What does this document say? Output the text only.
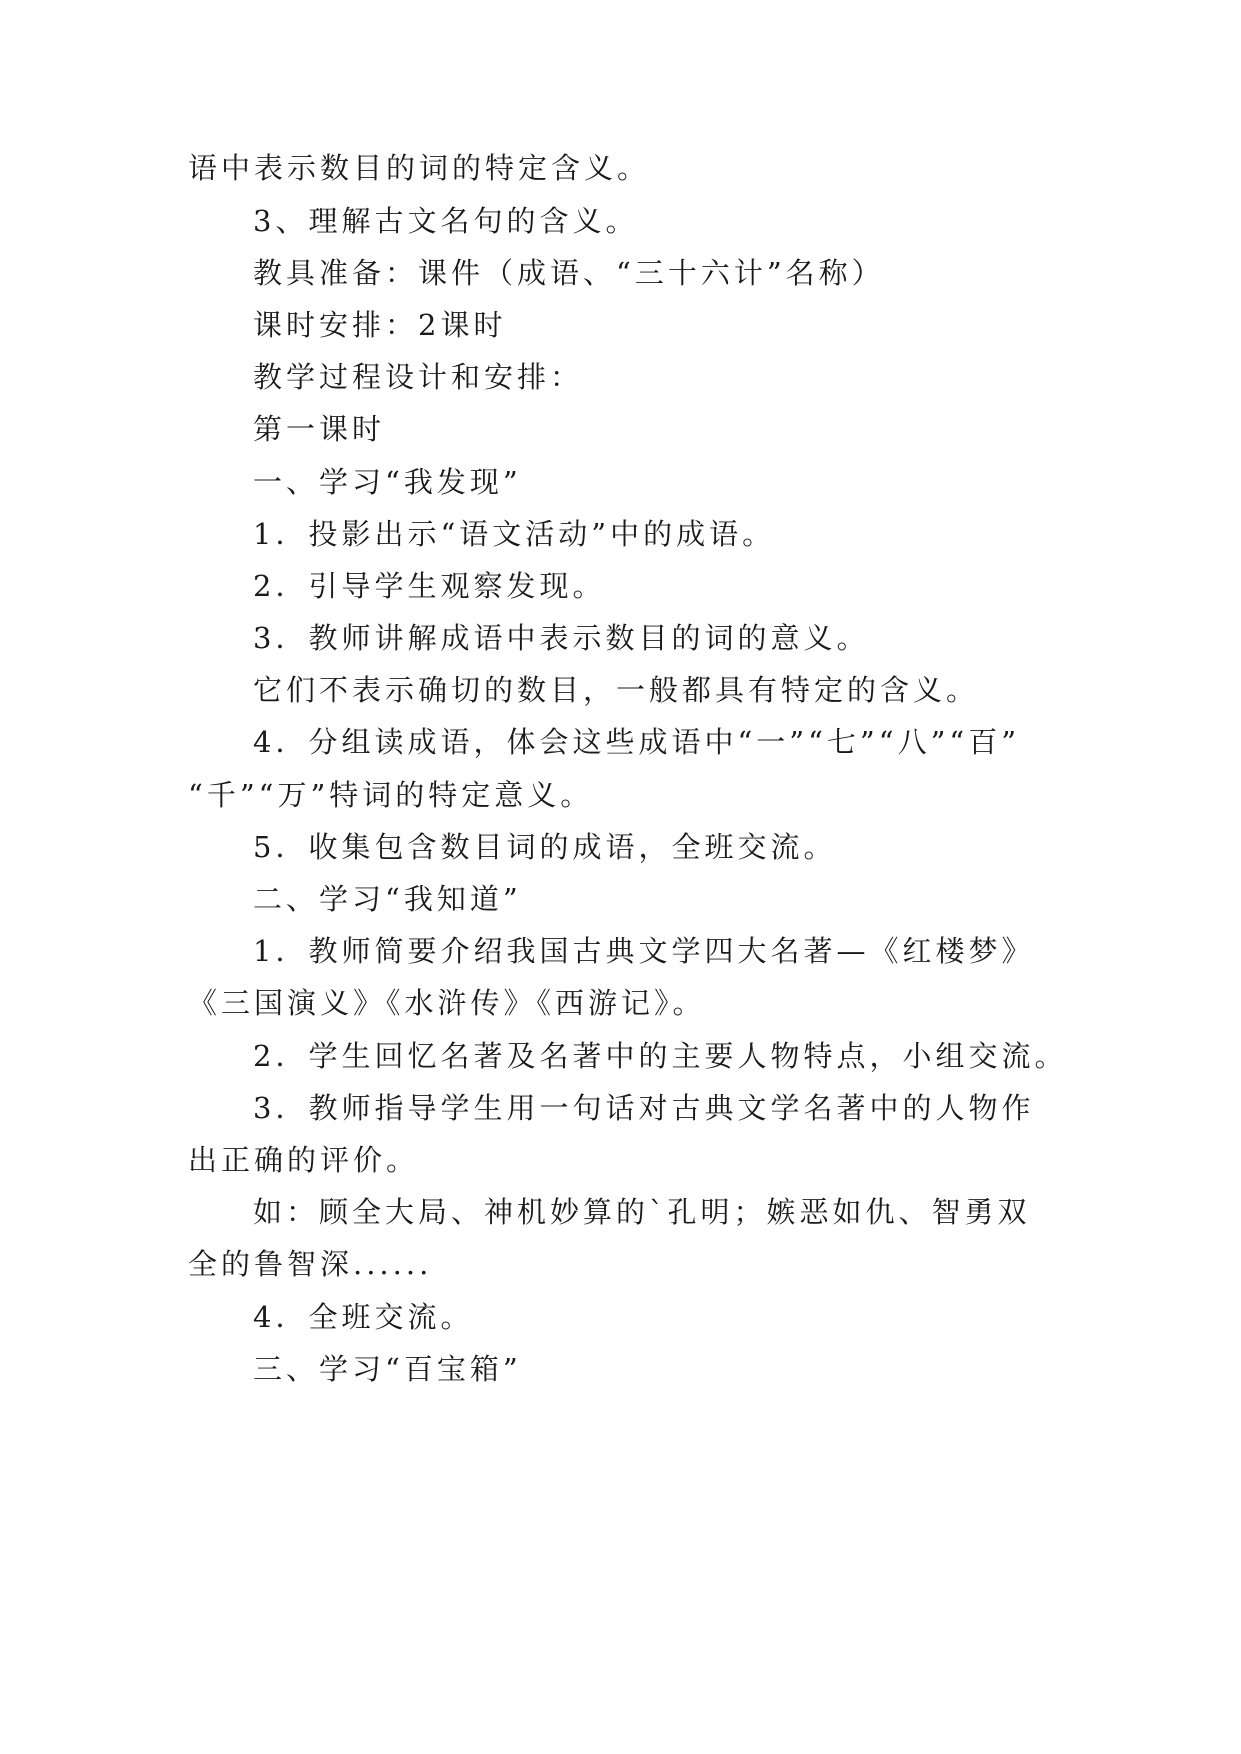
语中表示数目的词的特定含义。
3、理解古文名句的含义。
教具准备：课件（成语、“三十六计”名称）
课时安排：2课时
教学过程设计和安排：
第一课时
一、学习“我发现”
1．投影出示“语文活动”中的成语。
2．引导学生观察发现。
3．教师讲解成语中表示数目的词的意义。
它们不表示确切的数目，一般都具有特定的含义。
4．分组读成语，体会这些成语中“一”“七”“八”“百”
“千”“万”特词的特定意义。
5．收集包含数目词的成语，全班交流。
二、学习“我知道”
1．教师简要介绍我国古典文学四大名著—《红楼梦》
《三国演义》《水浒传》《西游记》。
2．学生回忆名著及名著中的主要人物特点，小组交流。
3．教师指导学生用一句话对古典文学名著中的人物作
出正确的评价。
如：顾全大局、神机妙算的`孔明；嫉恶如仇、智勇双
全的鲁智深......
4．全班交流。
三、学习“百宝箱”
